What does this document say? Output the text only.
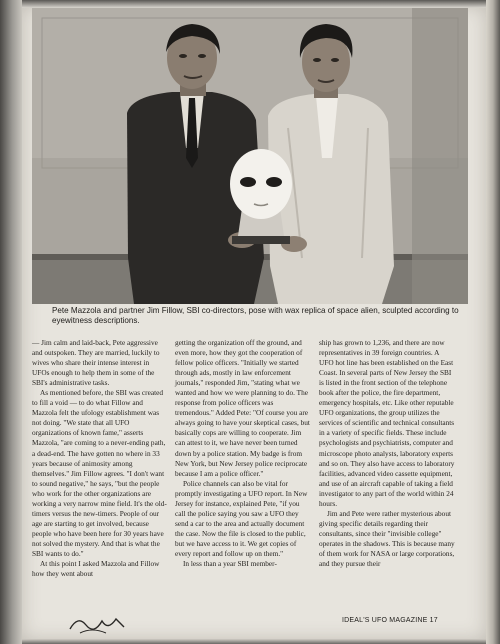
Pete Mazzola and partner Jim Fillow, SBI co-directors, pose with wax replica of space alien, sculpted according to eyewitness descriptions.

— Jim calm and laid-back, Pete aggressive and outspoken. They are married, luckily to wives who share their intense interest in UFOs enough to help them in some of the SBI's administrative tasks.

As mentioned before, the SBI was created to fill a void — to do what Fillow and Mazzola felt the ufology establishment was not doing. "We state that all UFO organizations of known fame," asserts Mazzola, "are coming to a never-ending path, a dead-end. The have gotten no where in 33 years because of animosity among themselves." Jim Fillow agrees. "I don't want to sound negative," he says, "but the people who work for the other organizations are working a very narrow mine field. It's the old-timers versus the new-timers. People of our age are starting to get involved, because people who have been here for 30 years have not solved the mystery. And that is what the SBI wants to do."

At this point I asked Mazzola and Fillow how they went about

getting the organization off the ground, and even more, how they got the cooperation of fellow police officers. "Initially we started through ads, mostly in law enforcement journals," responded Jim, "stating what we wanted and how we were planning to do. The response from police officers was tremendous." Added Pete: "Of course you are always going to have your skeptical cases, but basically cops are willing to cooperate. Jim can attest to it, we have never been turned down by a police station. My badge is from New York, but New Jersey police reciprocate because I am a police officer."

Police channels can also be vital for promptly investigating a UFO report. In New Jersey for instance, explained Pete, "if you call the police saying you saw a UFO they send a car to the area and actually document the case. Now the file is closed to the public, but we have access to it. We get copies of every report and follow up on them."

In less than a year SBI member-

ship has grown to 1,236, and there are now representatives in 39 foreign countries. A UFO hot line has been established on the East Coast. In several parts of New Jersey the SBI is listed in the front section of the telephone book after the police, the fire department, emergency hospitals, etc. Like other reputable UFO organizations, the group utilizes the services of scientific and technical consultants in a variety of specific fields. These include psychologists and psychiatrists, computer and microscope photo analysts, laboratory experts and so on. They also have access to laboratory facilities, advanced video cassette equipment, and use of an aircraft capable of taking a field investigator to any part of the world within 24 hours.

Jim and Pete were rather mysterious about giving specific details regarding their consultants, since their "invisible college" operates in the shadows. This is because many of them work for NASA or large corporations, and they pursue their

IDEAL'S UFO MAGAZINE 17
